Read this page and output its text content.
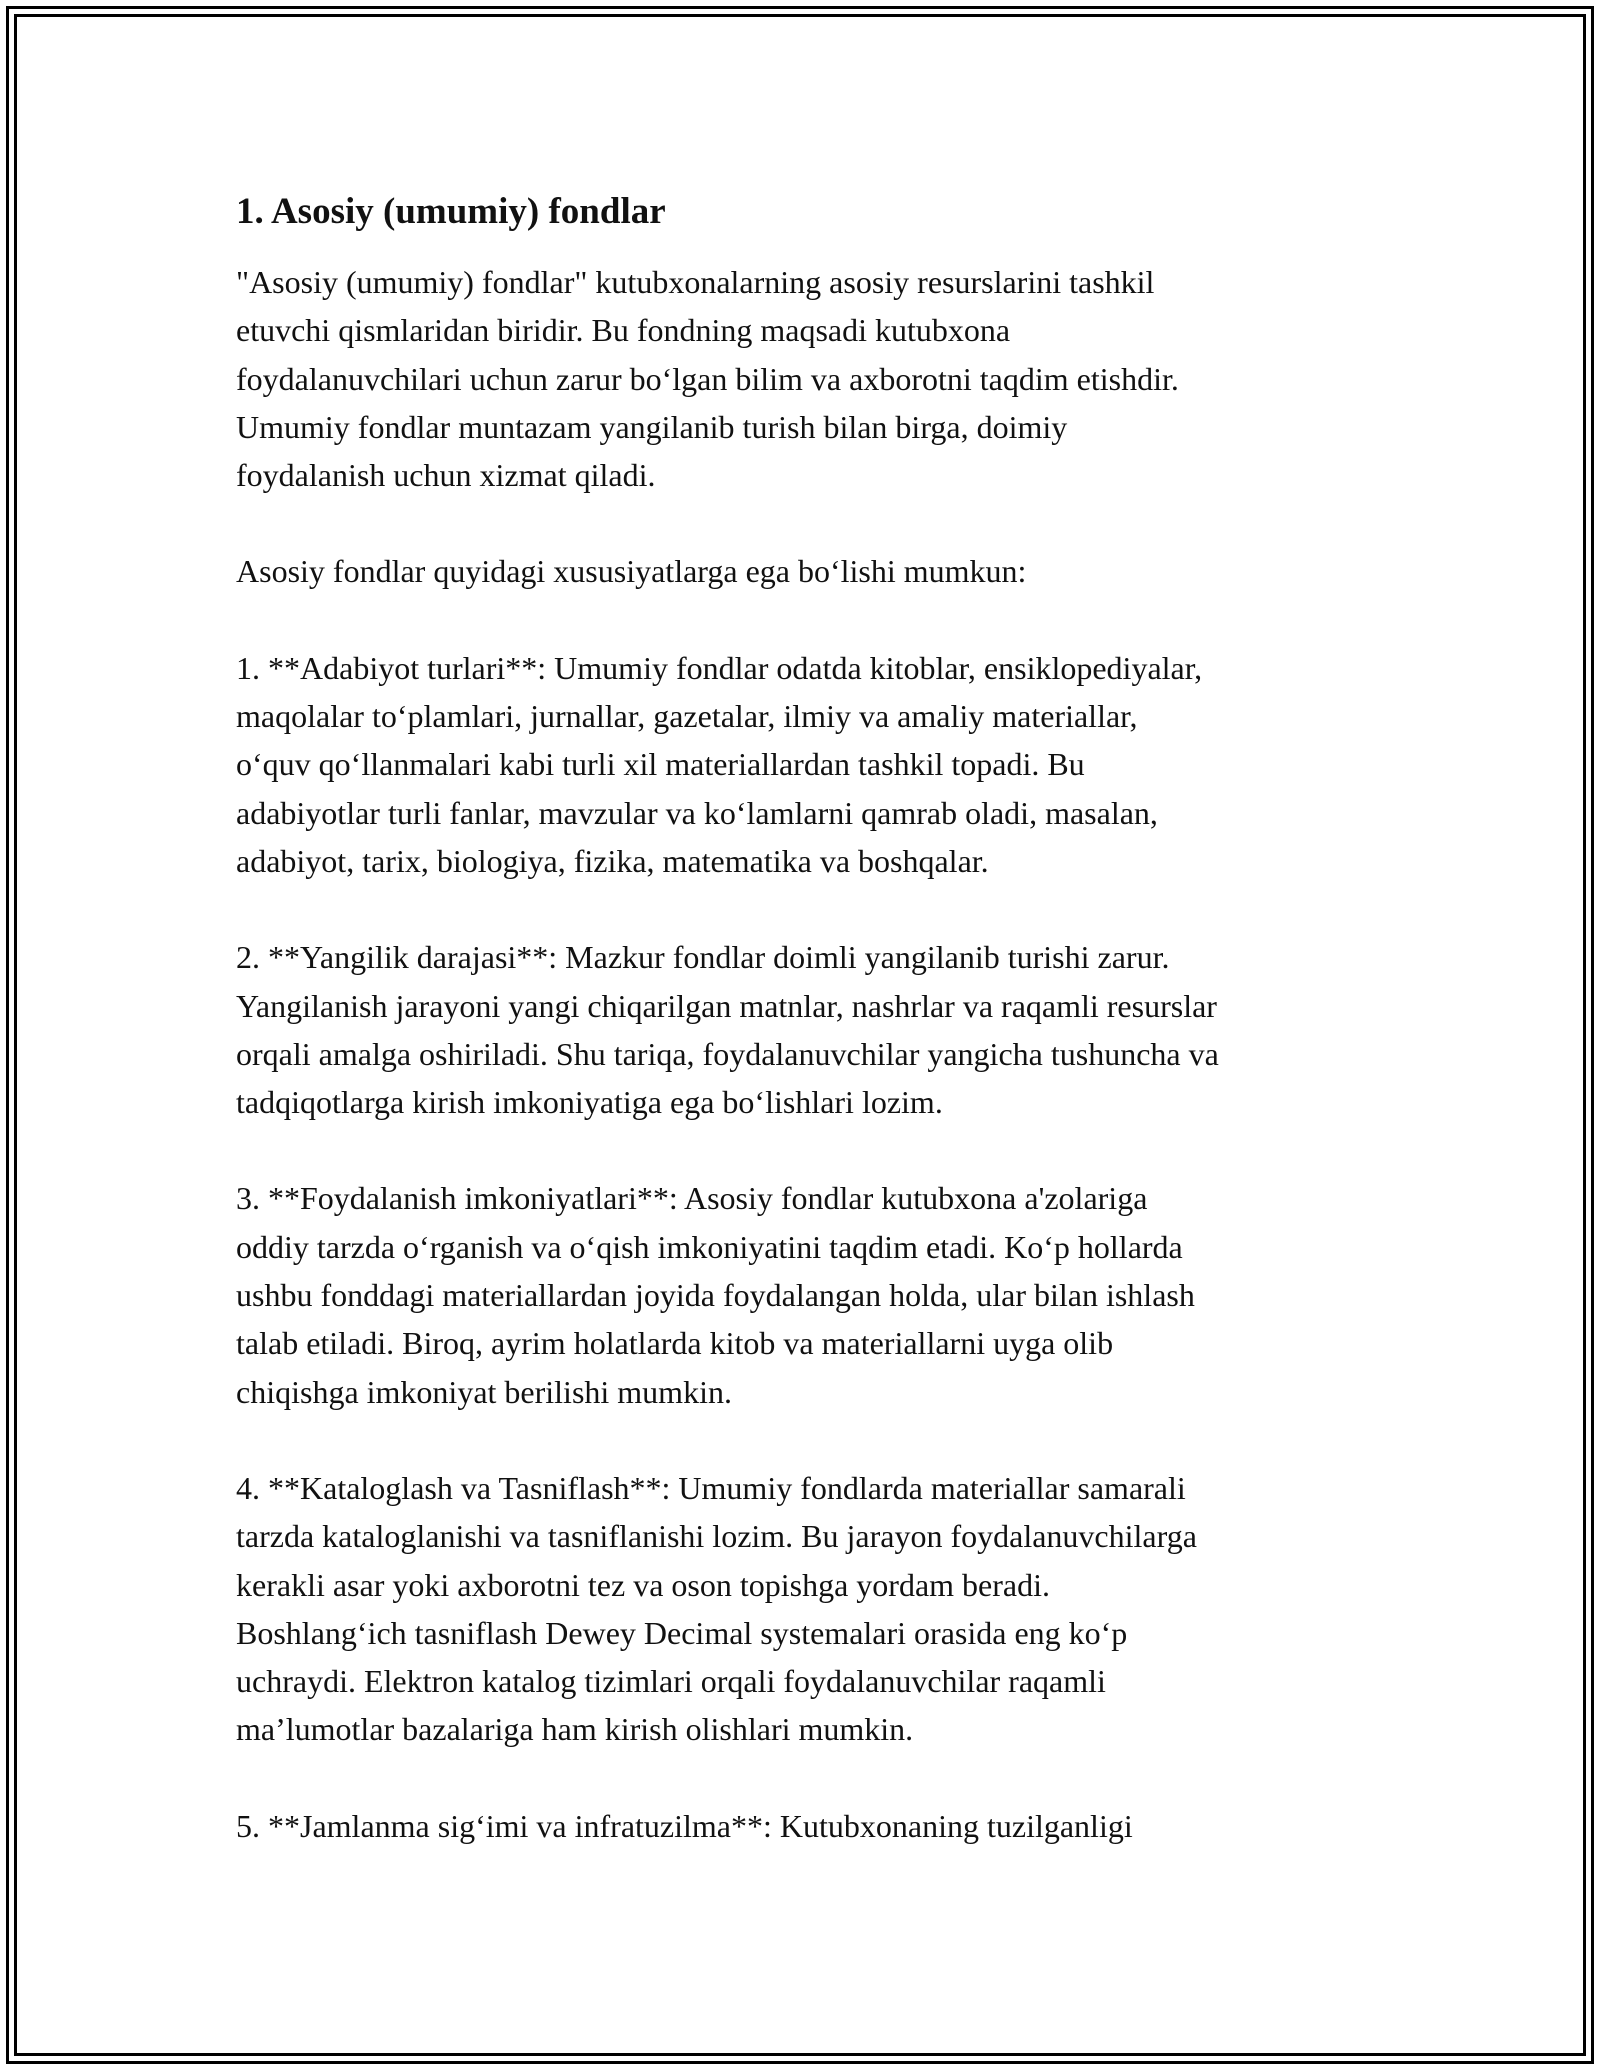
1. Asosiy (umumiy) fondlar

"Asosiy (umumiy) fondlar" kutubxonalarning asosiy resurslarini tashkil
etuvchi qismlaridan biridir. Bu fondning maqsadi kutubxona
foydalanuvchilari uchun zarur boʻlgan bilim va axborotni taqdim etishdir.
Umumiy fondlar muntazam yangilanib turish bilan birga, doimiy
foydalanish uchun xizmat qiladi.

Asosiy fondlar quyidagi xususiyatlarga ega boʻlishi mumkun:

1. **Adabiyot turlari**: Umumiy fondlar odatda kitoblar, ensiklopediyalar,
maqolalar toʻplamlari, jurnallar, gazetalar, ilmiy va amaliy materiallar,
oʻquv qoʻllanmalari kabi turli xil materiallardan tashkil topadi. Bu
adabiyotlar turli fanlar, mavzular va koʻlamlarni qamrab oladi, masalan,
adabiyot, tarix, biologiya, fizika, matematika va boshqalar.

2. **Yangilik darajasi**: Mazkur fondlar doimli yangilanib turishi zarur.
Yangilanish jarayoni yangi chiqarilgan matnlar, nashrlar va raqamli resurslar
orqali amalga oshiriladi. Shu tariqa, foydalanuvchilar yangicha tushuncha va
tadqiqotlarga kirish imkoniyatiga ega boʻlishlari lozim.

3. **Foydalanish imkoniyatlari**: Asosiy fondlar kutubxona a'zolariga
oddiy tarzda oʻrganish va oʻqish imkoniyatini taqdim etadi. Koʻp hollarda
ushbu fonddagi materiallardan joyida foydalangan holda, ular bilan ishlash
talab etiladi. Biroq, ayrim holatlarda kitob va materiallarni uyga olib
chiqishga imkoniyat berilishi mumkin.

4. **Kataloglash va Tasniflash**: Umumiy fondlarda materiallar samarali
tarzda kataloglanishi va tasniflanishi lozim. Bu jarayon foydalanuvchilarga
kerakli asar yoki axborotni tez va oson topishga yordam beradi.
Boshlangʻich tasniflash Dewey Decimal systemalari orasida eng koʻp
uchraydi. Elektron katalog tizimlari orqali foydalanuvchilar raqamli
maʼlumotlar bazalariga ham kirish olishlari mumkin.

5. **Jamlanma sigʻimi va infratuzilma**: Kutubxonaning tuzilganligi
